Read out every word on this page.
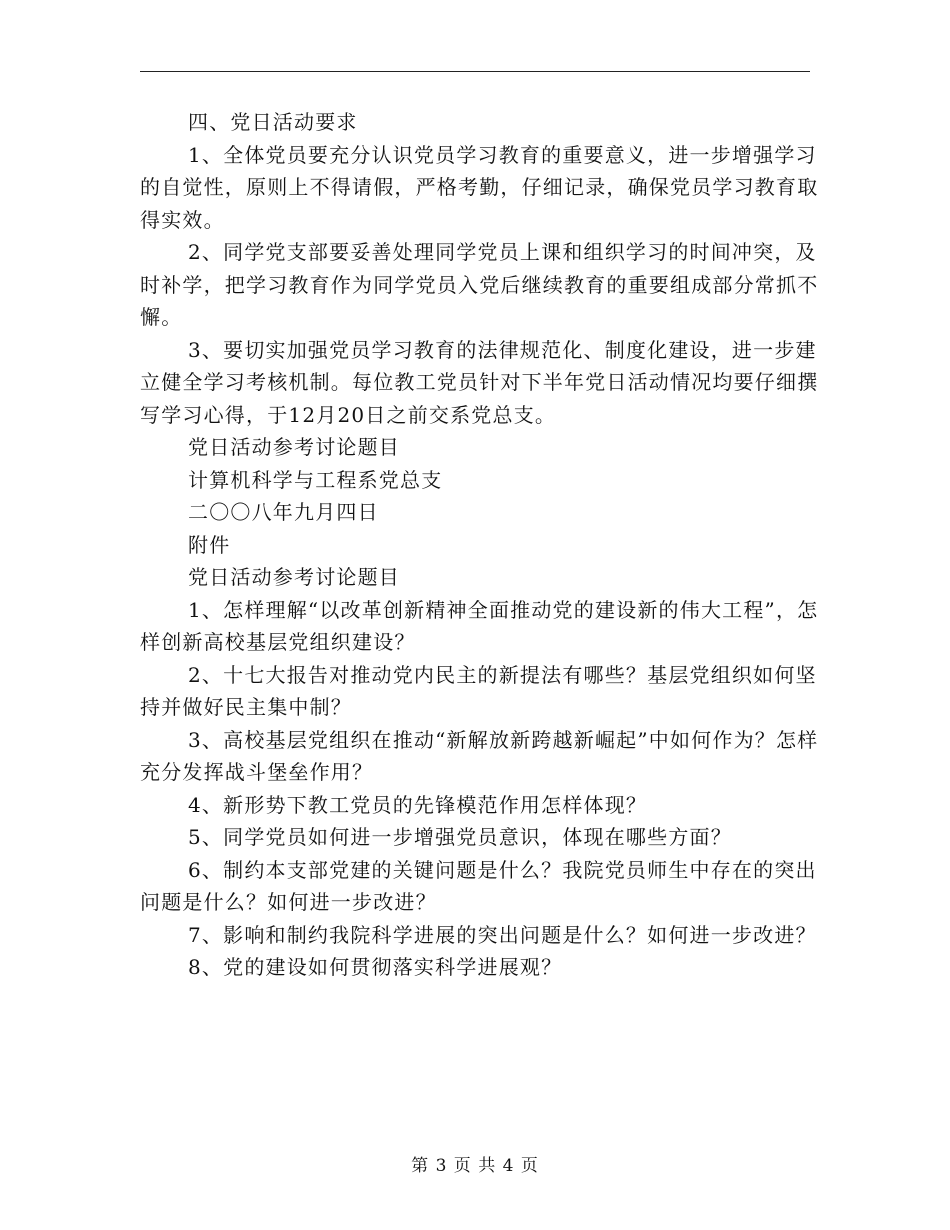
四、党日活动要求

1、全体党员要充分认识党员学习教育的重要意义，进一步增强学习的自觉性，原则上不得请假，严格考勤，仔细记录，确保党员学习教育取得实效。

2、同学党支部要妥善处理同学党员上课和组织学习的时间冲突，及时补学，把学习教育作为同学党员入党后继续教育的重要组成部分常抓不懈。

3、要切实加强党员学习教育的法律规范化、制度化建设，进一步建立健全学习考核机制。每位教工党员针对下半年党日活动情况均要仔细撰写学习心得，于12月20日之前交系党总支。

党日活动参考讨论题目

计算机科学与工程系党总支

二〇〇八年九月四日

附件

党日活动参考讨论题目

1、怎样理解“以改革创新精神全面推动党的建设新的伟大工程”，怎样创新高校基层党组织建设？

2、十七大报告对推动党内民主的新提法有哪些？基层党组织如何坚持并做好民主集中制？

3、高校基层党组织在推动“新解放新跨越新崛起”中如何作为？怎样充分发挥战斗堡垒作用？

4、新形势下教工党员的先锋模范作用怎样体现？

5、同学党员如何进一步增强党员意识，体现在哪些方面？

6、制约本支部党建的关键问题是什么？我院党员师生中存在的突出问题是什么？如何进一步改进？

7、影响和制约我院科学进展的突出问题是什么？如何进一步改进？

8、党的建设如何贯彻落实科学进展观？

第 3 页 共 4 页
